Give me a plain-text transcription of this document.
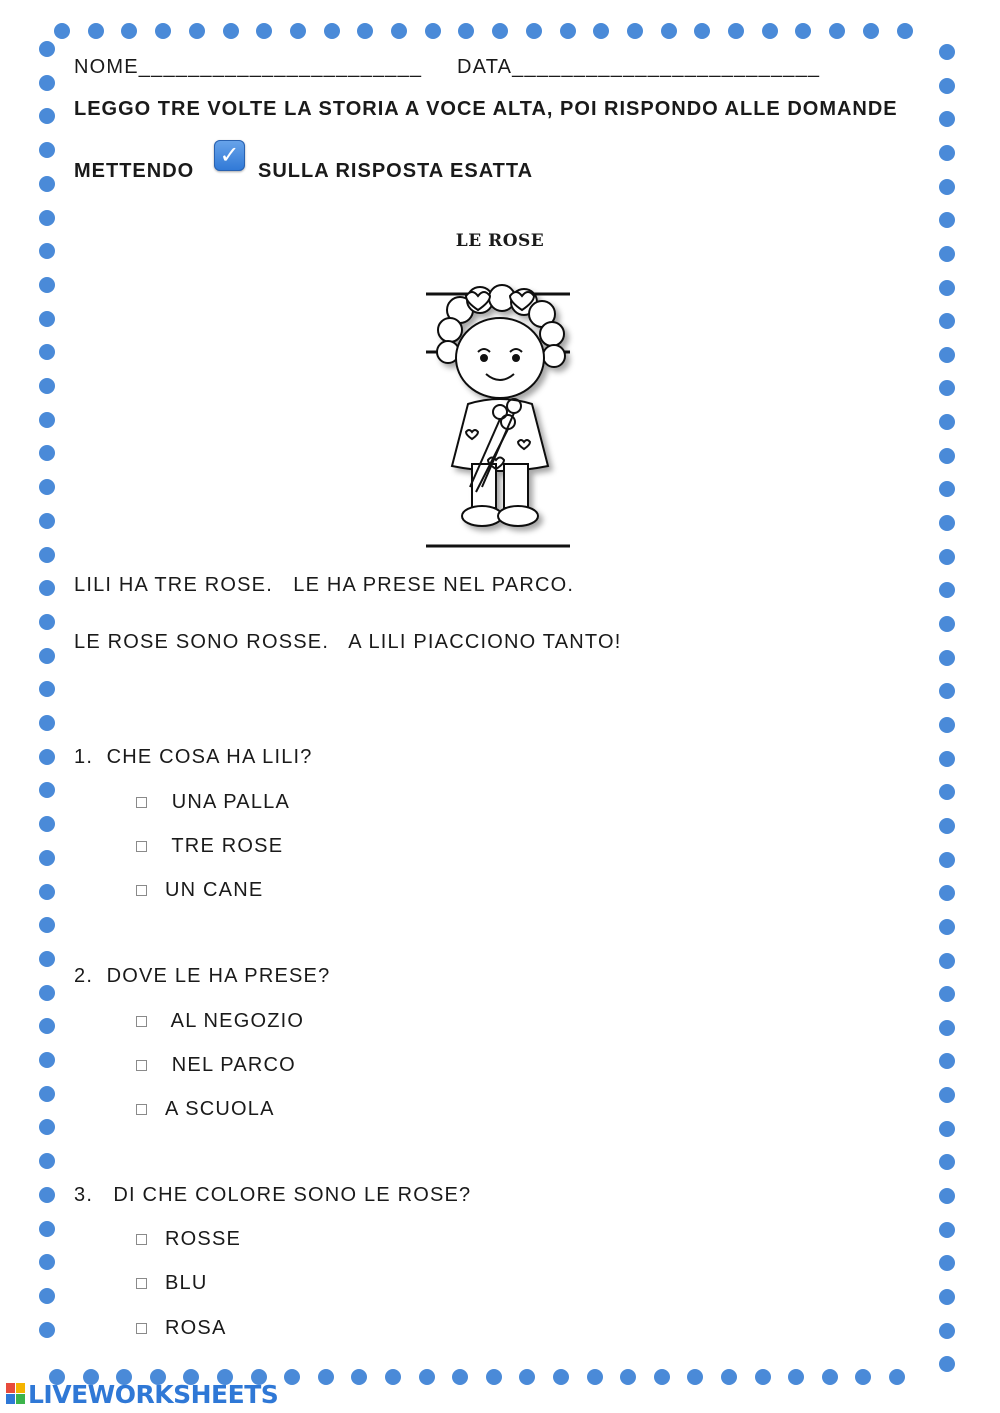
NOME_______________________ DATA_________________________
LEGGO TRE VOLTE LA STORIA A VOCE ALTA, POI RISPONDO ALLE DOMANDE
METTENDO
✓
SULLA RISPOSTA ESATTA
LE ROSE
LILI HA TRE ROSE.   LE HA PRESE NEL PARCO.
LE ROSE SONO ROSSE.   A LILI PIACCIONO TANTO!
1.  CHE COSA HA LILI?
UNA PALLA
TRE ROSE
UN CANE
2.  DOVE LE HA PRESE?
AL NEGOZIO
NEL PARCO
A SCUOLA
3.   DI CHE COLORE SONO LE ROSE?
ROSSE
BLU
ROSA
LIVEWORKSHEETS
